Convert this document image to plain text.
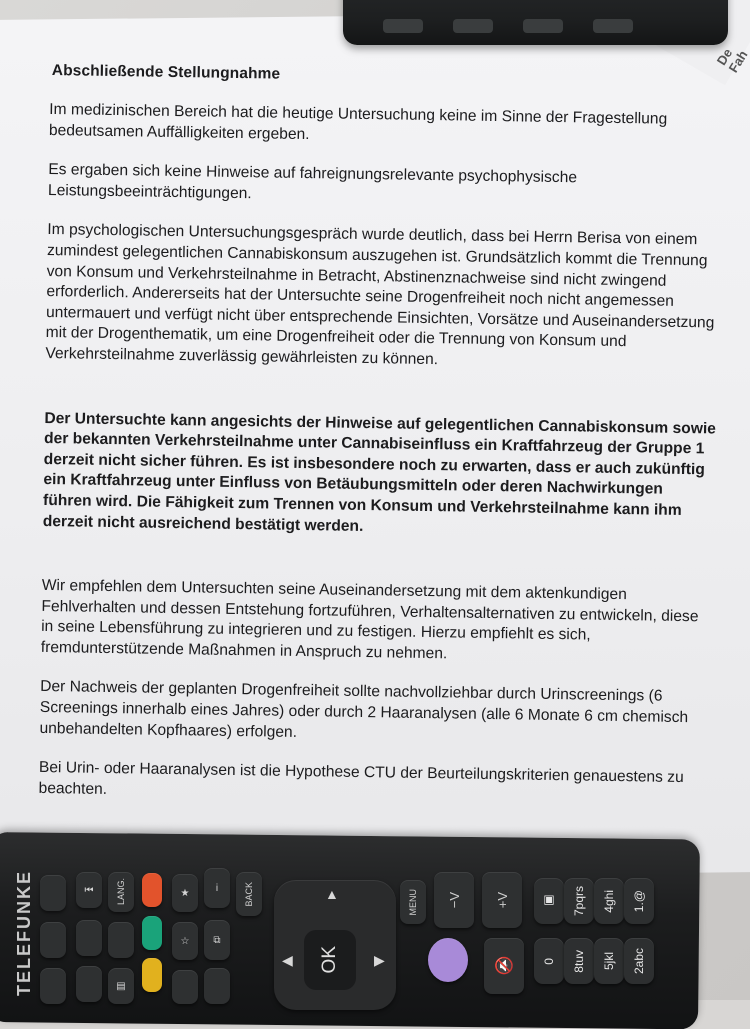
De
Fah
Abschließende Stellungnahme

Im medizinischen Bereich hat die heutige Untersuchung keine im Sinne der Fragestellung bedeutsamen Auffälligkeiten ergeben.

Es ergaben sich keine Hinweise auf fahreignungsrelevante psychophysische Leistungsbeeinträchtigungen.

Im psychologischen Untersuchungsgespräch wurde deutlich, dass bei Herrn Berisa von einem zumindest gelegentlichen Cannabiskonsum auszugehen ist. Grundsätzlich kommt die Trennung von Konsum und Verkehrsteilnahme in Betracht, Abstinenznachweise sind nicht zwingend erforderlich. Andererseits hat der Untersuchte seine Drogenfreiheit noch nicht angemessen untermauert und verfügt nicht über entsprechende Einsichten, Vorsätze und Auseinandersetzung mit der Drogenthematik, um eine Drogenfreiheit oder die Trennung von Konsum und Verkehrsteilnahme zuverlässig gewährleisten zu können.

Der Untersuchte kann angesichts der Hinweise auf gelegentlichen Cannabiskonsum sowie der bekannten Verkehrsteilnahme unter Cannabiseinfluss ein Kraftfahrzeug der Gruppe 1 derzeit nicht sicher führen. Es ist insbesondere noch zu erwarten, dass er auch zukünftig ein Kraftfahrzeug unter Einfluss von Betäubungsmitteln oder deren Nachwirkungen führen wird. Die Fähigkeit zum Trennen von Konsum und Verkehrsteilnahme kann ihm derzeit nicht ausreichend bestätigt werden.

Wir empfehlen dem Untersuchten seine Auseinandersetzung mit dem aktenkundigen Fehlverhalten und dessen Entstehung fortzuführen, Verhaltensalternativen zu entwickeln, diese in seine Lebensführung zu integrieren und zu festigen. Hierzu empfiehlt es sich, fremdunterstützende Maßnahmen in Anspruch zu nehmen.

Der Nachweis der geplanten Drogenfreiheit sollte nachvollziehbar durch Urinscreenings (6 Screenings innerhalb eines Jahres) oder durch 2 Haaranalysen (alle 6 Monate 6 cm chemisch unbehandelten Kopfhaares) erfolgen.

Bei Urin- oder Haaranalysen ist die Hypothese CTU der Beurteilungskriterien genauestens zu beachten.

TELEFUNKE	⏮	LANG.
▤
★
☆
i
⧉
BACK	▲
◀	▶
OK
MENU −V	+V
🔇
▣
0
7pqrs
8tuv
4ghi
5jkl
1.@
2abc
